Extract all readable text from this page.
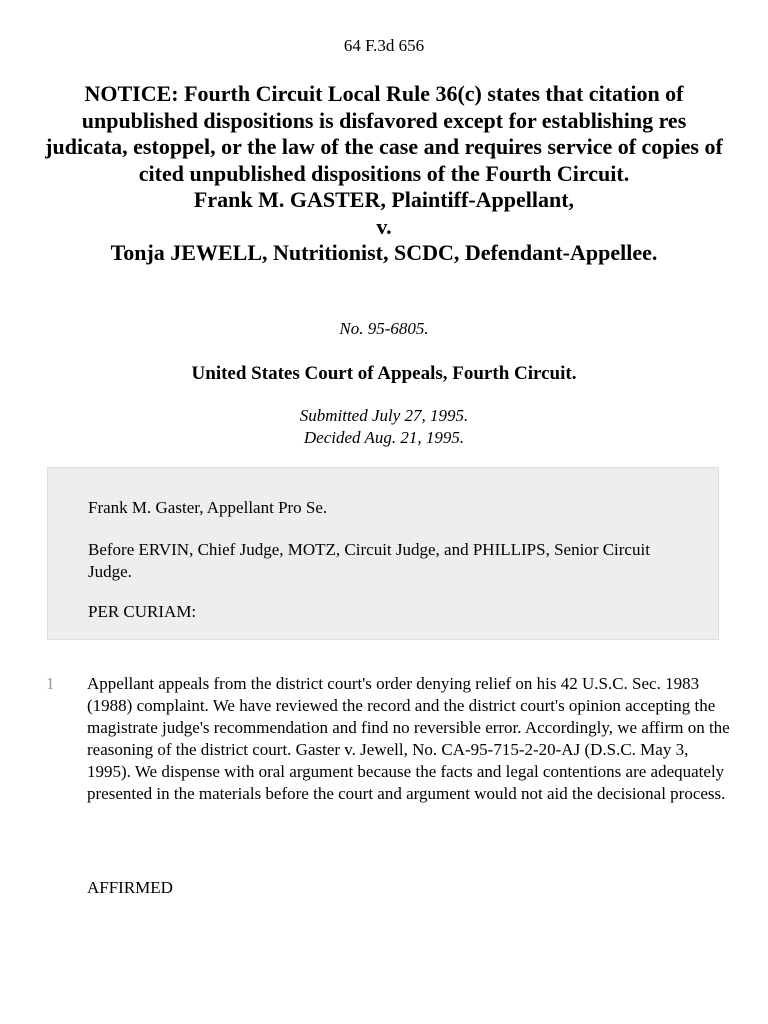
64 F.3d 656
NOTICE: Fourth Circuit Local Rule 36(c) states that citation of unpublished dispositions is disfavored except for establishing res judicata, estoppel, or the law of the case and requires service of copies of cited unpublished dispositions of the Fourth Circuit.
Frank M. GASTER, Plaintiff-Appellant,
v.
Tonja JEWELL, Nutritionist, SCDC, Defendant-Appellee.
No. 95-6805.
United States Court of Appeals, Fourth Circuit.
Submitted July 27, 1995.
Decided Aug. 21, 1995.

Frank M. Gaster, Appellant Pro Se.

Before ERVIN, Chief Judge, MOTZ, Circuit Judge, and PHILLIPS, Senior Circuit Judge.

PER CURIAM:

1 Appellant appeals from the district court's order denying relief on his 42 U.S.C. Sec. 1983 (1988) complaint. We have reviewed the record and the district court's opinion accepting the magistrate judge's recommendation and find no reversible error. Accordingly, we affirm on the reasoning of the district court. Gaster v. Jewell, No. CA-95-715-2-20-AJ (D.S.C. May 3, 1995). We dispense with oral argument because the facts and legal contentions are adequately presented in the materials before the court and argument would not aid the decisional process.

AFFIRMED
